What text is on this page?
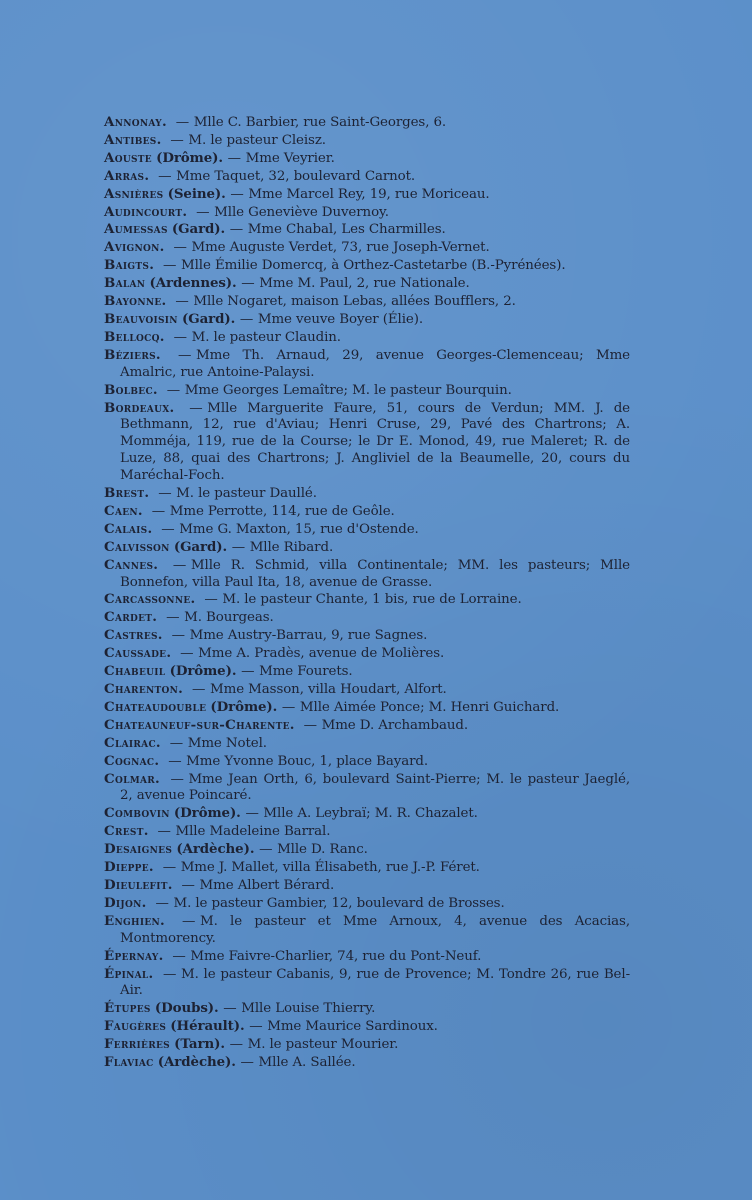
Annonay. — Mlle C. Barbier, rue Saint-Georges, 6.
Antibes. — M. le pasteur Cleisz.
Aouste (Drôme). — Mme Veyrier.
Arras. — Mme Taquet, 32, boulevard Carnot.
Asnières (Seine). — Mme Marcel Rey, 19, rue Moriceau.
Audincourt. — Mlle Geneviève Duvernoy.
Aumessas (Gard). — Mme Chabal, Les Charmilles.
Avignon. — Mme Auguste Verdet, 73, rue Joseph-Vernet.
Baigts. — Mlle Émilie Domercq, à Orthez-Castetarbe (B.-Pyrénées).
Balan (Ardennes). — Mme M. Paul, 2, rue Nationale.
Bayonne. — Mlle Nogaret, maison Lebas, allées Boufflers, 2.
Beauvoisin (Gard). — Mme veuve Boyer (Élie).
Bellocq. — M. le pasteur Claudin.
Béziers. — Mme Th. Arnaud, 29, avenue Georges-Clemenceau; Mme Amalric, rue Antoine-Palaysi.
Bolbec. — Mme Georges Lemaître; M. le pasteur Bourquin.
Bordeaux. — Mlle Marguerite Faure, 51, cours de Verdun; MM. J. de Bethmann, 12, rue d'Aviau; Henri Cruse, 29, Pavé des Chartrons; A. Momméja, 119, rue de la Course; le Dr E. Monod, 49, rue Maleret; R. de Luze, 88, quai des Chartrons; J. Angliviel de la Beaumelle, 20, cours du Maréchal-Foch.
Brest. — M. le pasteur Daullé.
Caen. — Mme Perrotte, 114, rue de Geôle.
Calais. — Mme G. Maxton, 15, rue d'Ostende.
Calvisson (Gard). — Mlle Ribard.
Cannes. — Mlle R. Schmid, villa Continentale; MM. les pasteurs; Mlle Bonnefon, villa Paul Ita, 18, avenue de Grasse.
Carcassonne. — M. le pasteur Chante, 1 bis, rue de Lorraine.
Cardet. — M. Bourgeas.
Castres. — Mme Austry-Barrau, 9, rue Sagnes.
Caussade. — Mme A. Pradès, avenue de Molières.
Chabeuil (Drôme). — Mme Fourets.
Charenton. — Mme Masson, villa Houdart, Alfort.
Chateaudouble (Drôme). — Mlle Aimée Ponce; M. Henri Guichard.
Chateauneuf-sur-Charente. — Mme D. Archambaud.
Clairac. — Mme Notel.
Cognac. — Mme Yvonne Bouc, 1, place Bayard.
Colmar. — Mme Jean Orth, 6, boulevard Saint-Pierre; M. le pasteur Jaeglé, 2, avenue Poincaré.
Combovin (Drôme). — Mlle A. Leybraï; M. R. Chazalet.
Crest. — Mlle Madeleine Barral.
Desaignes (Ardèche). — Mlle D. Ranc.
Dieppe. — Mme J. Mallet, villa Élisabeth, rue J.-P. Féret.
Dieulefit. — Mme Albert Bérard.
Dijon. — M. le pasteur Gambier, 12, boulevard de Brosses.
Enghien. — M. le pasteur et Mme Arnoux, 4, avenue des Acacias, Montmorency.
Épernay. — Mme Faivre-Charlier, 74, rue du Pont-Neuf.
Épinal. — M. le pasteur Cabanis, 9, rue de Provence; M. Tondre 26, rue Bel-Air.
Étupes (Doubs). — Mlle Louise Thierry.
Faugères (Hérault). — Mme Maurice Sardinoux.
Ferrières (Tarn). — M. le pasteur Mourier.
Flaviac (Ardèche). — Mlle A. Sallée.
